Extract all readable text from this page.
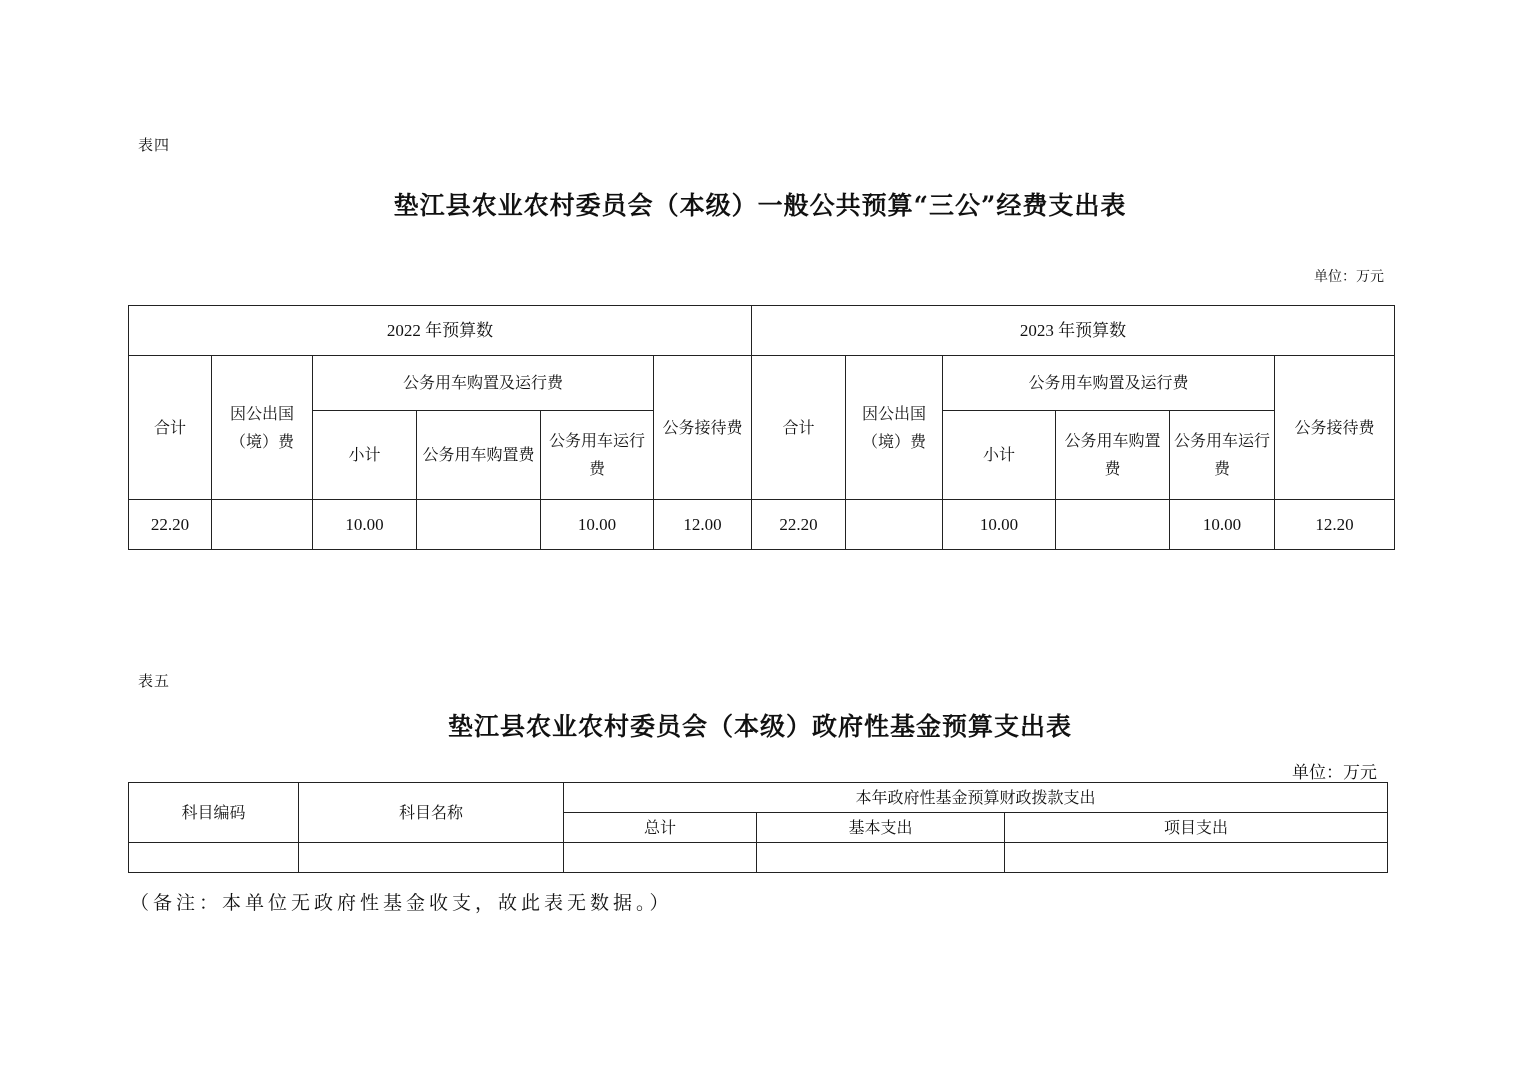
表四
垫江县农业农村委员会（本级）一般公共预算“三公”经费支出表
单位：万元
2022 年预算数						2023 年预算数					
合计	因公出国（境）费	公务用车购置及运行费			公务接待费	合计	因公出国（境）费	公务用车购置及运行费			公务接待费
		小计	公务用车购置费	公务用车运行费				小计	公务用车购置费	公务用车运行费	
22.20		10.00		10.00	12.00	22.20		10.00		10.00	12.20
表五
垫江县农业农村委员会（本级）政府性基金预算支出表
单位：万元
科目编码	科目名称	本年政府性基金预算财政拨款支出		
		总计	基本支出	项目支出

（备注：本单位无政府性基金收支，故此表无数据。）
